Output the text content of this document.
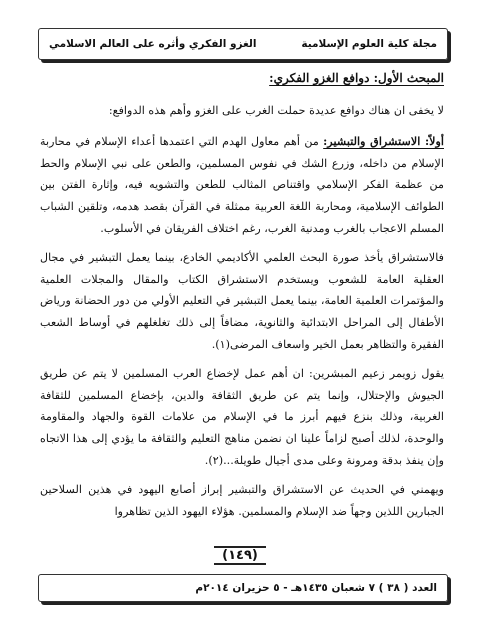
مجلة كلية العلوم الإسلامية
الغزو الفكري وأثره على العالم الاسلامي

المبحث الأول: دوافع الغزو الفكري:

لا يخفى ان هناك دوافع عديدة حملت الغرب على الغزو وأهم هذه الدوافع:

أولاً: الاستشراق والتبشير: من أهم معاول الهدم التي اعتمدها أعداء الإسلام في محاربة الإسلام من داخله، وزرع الشك في نفوس المسلمين، والطعن على نبي الإسلام والحط من عظمة الفكر الإسلامي واقتناص المثالب للطعن والتشويه فيه، وإثارة الفتن بين الطوائف الإسلامية، ومحاربة اللغة العربية ممثلة في القرآن بقصد هدمه، وتلقين الشباب المسلم الاعجاب بالغرب ومدنية الغرب، رغم اختلاف الفريقان في الأسلوب.

فالاستشراق يأخذ صورة البحث العلمي الأكاديمي الخادع، بينما يعمل التبشير في مجال العقلية العامة للشعوب ويستخدم الاستشراق الكتاب والمقال والمجلات العلمية والمؤتمرات العلمية العامة، بينما يعمل التبشير في التعليم الأولي من دور الحضانة ورياض الأطفال إلى المراحل الابتدائية والثانوية، مضافاً إلى ذلك تغلغلهم في أوساط الشعب الفقيرة والتظاهر بعمل الخير واسعاف المرضى(١).

يقول زويمر زعيم المبشرين: ان أهم عمل لإخضاع العرب المسلمين لا يتم عن طريق الجيوش والإحتلال، وإنما يتم عن طريق الثقافة والدين، بإخضاع المسلمين للثقافة الغربية، وذلك بنزع فيهم أبرز ما في الإسلام من علامات القوة والجهاد والمقاومة والوحدة، لذلك أصبح لزاماً علينا ان نضمن مناهج التعليم والثقافة ما يؤدي إلى هذا الاتجاه وإن ينفذ بدقة ومرونة وعلى مدى أجيال طويلة...(٢).

ويهمني في الحديث عن الاستشراق والتبشير إبراز أصابع اليهود في هذين السلاحين الجبارين اللذين وجهاً ضد الإسلام والمسلمين. هؤلاء اليهود الذين تظاهروا

(١٤٩)
العدد ( ٣٨ ) ٧ شعبان ١٤٣٥هـ - ٥ حزيران ٢٠١٤م
